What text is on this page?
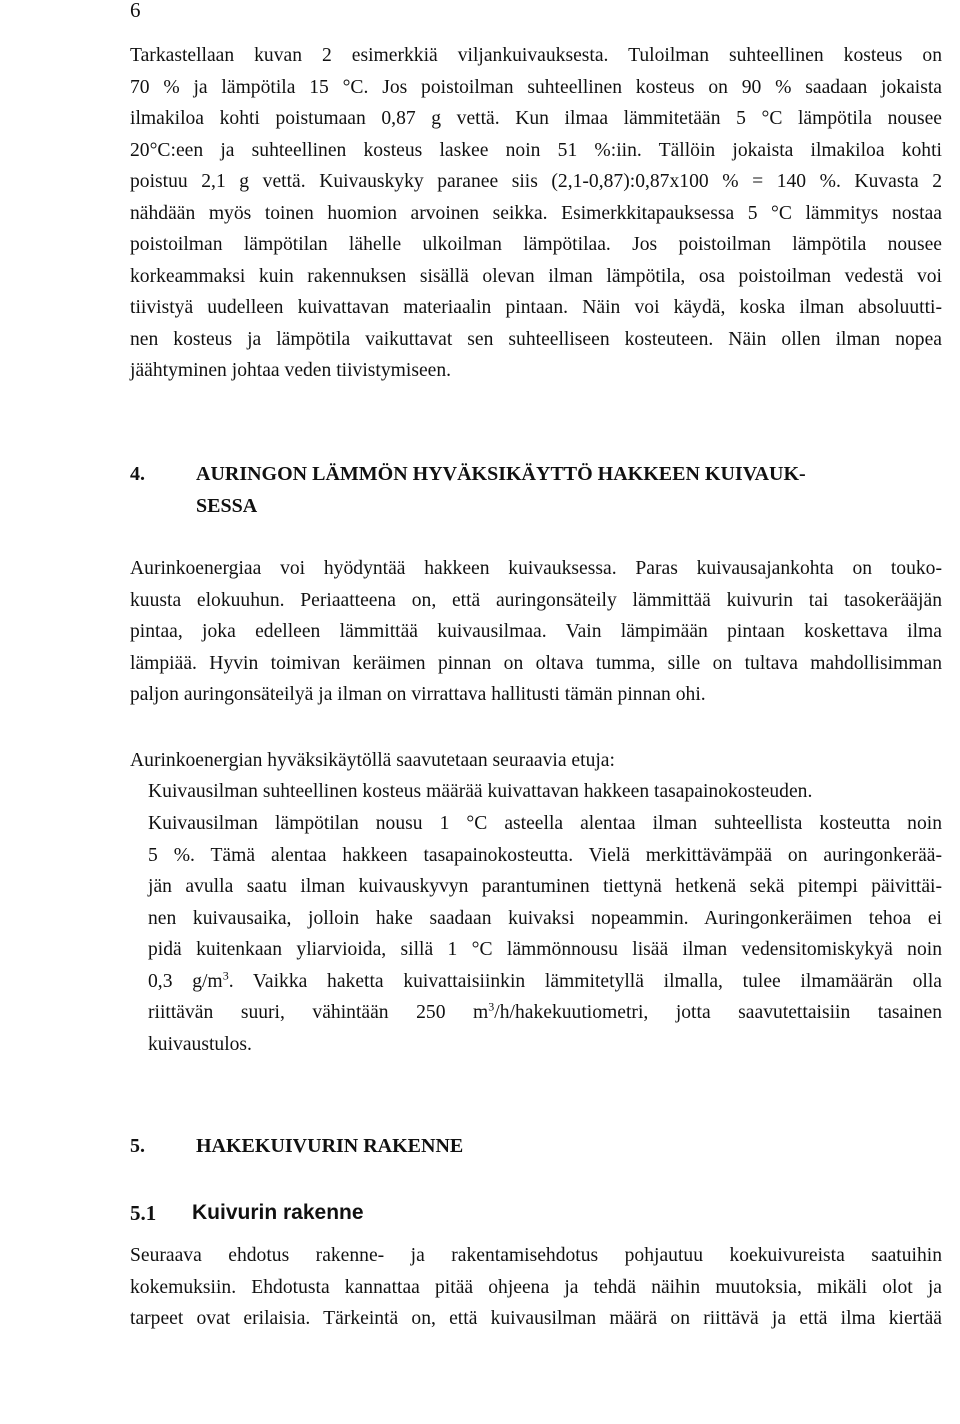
6
Tarkastellaan kuvan 2 esimerkkiä viljankuivauksesta. Tuloilman suhteellinen kosteus on
70 % ja lämpötila 15 °C. Jos poistoilman suhteellinen kosteus on 90 % saadaan jokaista
ilmakiloa kohti poistumaan 0,87 g vettä. Kun ilmaa lämmitetään 5 °C lämpötila nousee
20°C:een ja suhteellinen kosteus laskee noin 51 %:iin. Tällöin jokaista ilmakiloa kohti
poistuu 2,1 g vettä. Kuivauskyky paranee siis (2,1-0,87):0,87x100 % = 140 %. Kuvasta 2
nähdään myös toinen huomion arvoinen seikka. Esimerkkitapauksessa 5 °C lämmitys nostaa
poistoilman lämpötilan lähelle ulkoilman lämpötilaa. Jos poistoilman lämpötila nousee
korkeammaksi kuin rakennuksen sisällä olevan ilman lämpötila, osa poistoilman vedestä voi
tiivistyä uudelleen kuivattavan materiaalin pintaan. Näin voi käydä, koska ilman absoluutti-
nen kosteus ja lämpötila vaikuttavat sen suhteelliseen kosteuteen. Näin ollen ilman nopea
jäähtyminen johtaa veden tiivistymiseen.
4.	AURINGON LÄMMÖN HYVÄKSIKÄYTTÖ HAKKEEN KUIVAUK-
SESSA
Aurinkoenergiaa voi hyödyntää hakkeen kuivauksessa. Paras kuivausajankohta on touko-
kuusta elokuuhun. Periaatteena on, että auringonsäteily lämmittää kuivurin tai tasokerääjän
pintaa, joka edelleen lämmittää kuivausilmaa. Vain lämpimään pintaan koskettava ilma
lämpiää. Hyvin toimivan keräimen pinnan on oltava tumma, sille on tultava mahdollisimman
paljon auringonsäteilyä ja ilman on virrattava hallitusti tämän pinnan ohi.
Aurinkoenergian hyväksikäytöllä saavutetaan seuraavia etuja:
Kuivausilman suhteellinen kosteus määrää kuivattavan hakkeen tasapainokosteuden.
Kuivausilman lämpötilan nousu 1 °C asteella alentaa ilman suhteellista kosteutta noin
5 %. Tämä alentaa hakkeen tasapainokosteutta. Vielä merkittävämpää on auringonkerää-
jän avulla saatu ilman kuivauskyvyn parantuminen tiettynä hetkenä sekä pitempi päivittäi-
nen kuivausaika, jolloin hake saadaan kuivaksi nopeammin. Auringonkeräimen tehoa ei
pidä kuitenkaan yliarvioida, sillä 1 °C lämmönnousu lisää ilman vedensitomiskykyä noin
0,3 $g/m^3$. Vaikka haketta kuivattaisiinkin lämmitetyllä ilmalla, tulee ilmamäärän olla
riittävän suuri, vähintään 250 $m^3/h$/hakekuutiometri, jotta saavutettaisiin tasainen
kuivaustulos.
5.	HAKEKUIVURIN RAKENNE
5.1 Kuivurin rakenne
Seuraava ehdotus rakenne- ja rakentamisehdotus pohjautuu koekuivureista saatuihin
kokemuksiin. Ehdotusta kannattaa pitää ohjeena ja tehdä näihin muutoksia, mikäli olot ja
tarpeet ovat erilaisia. Tärkeintä on, että kuivausilman määrä on riittävä ja että ilma kiertää
